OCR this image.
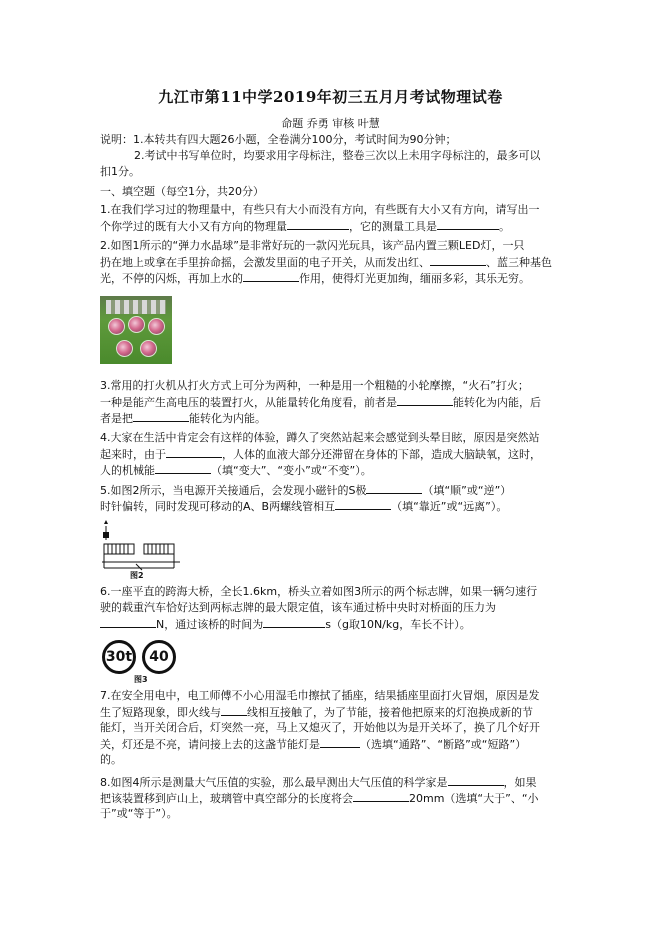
九江市第11中学2019年初三五月月考试物理试卷
命题 乔勇 审核 叶慧
说明：1.本转共有四大题26小题，全卷满分100分，考试时间为90分钟；
2.考试中书写单位时，均要求用字母标注，整卷三次以上未用字母标注的，最多可以
扣1分。
一、填空题（每空1分，共20分）
1.在我们学习过的物理量中，有些只有大小而没有方向，有些既有大小又有方向，请写出一
个你学过的既有大小又有方向的物理量	，它的测量工具是	。
2.如图1所示的“弹力水晶球”是非常好玩的一款闪光玩具，该产品内置三颗LED灯，一只
扔在地上或拿在手里拚命摇，会激发里面的电子开关，从而发出红、	、蓝三种基色
光，不停的闪烁，再加上水的	作用，使得灯光更加绚，缅丽多彩，其乐无穷。
3.常用的打火机从打火方式上可分为两种，一种是用一个粗糙的小轮摩擦，“火石”打火；
一种是能产生高电压的装置打火，从能量转化角度看，前者是	能转化为内能，后
者是把	能转化为内能。
4.大家在生活中肯定会有这样的体验，蹲久了突然站起来会感觉到头晕目眩，原因是突然站
起来时，由于	，人体的血液大部分还滞留在身体的下部，造成大脑缺氧，这时，
人的机械能	（填“变大”、“变小”或“不变”）。
5.如图2所示，当电源开关接通后，会发现小磁针的S极	（填“顺”或“逆”）
时针偏转，同时发现可移动的A、B两螺线管相互	（填“靠近”或“远离”）。
图2
6.一座平直的跨海大桥，全长1.6km，桥头立着如图3所示的两个标志牌，如果一辆匀速行
驶的载重汽车恰好达到两标志牌的最大限定值，该车通过桥中央时对桥面的压力为
N，通过该桥的时间为	s（g取10N/kg，车长不计）。
30t	40
图3
7.在安全用电中，电工师傅不小心用湿毛巾擦拭了插座，结果插座里面打火冒烟，原因是发
生了短路现象，即火线与 线相互接触了，为了节能，接着他把原来的灯泡换成新的节
能灯，当开关闭合后，灯突然一亮，马上又熄灭了，开始他以为是开关坏了，换了几个好开
关，灯还是不亮，请问接上去的这盏节能灯是	（选填“通路”、“断路”或“短路”）
的。
8.如图4所示是测量大气压值的实验，那么最早测出大气压值的科学家是	，如果
把该装置移到庐山上，玻璃管中真空部分的长度将会	20mm（选填“大于”、“小
于”或“等于”）。
